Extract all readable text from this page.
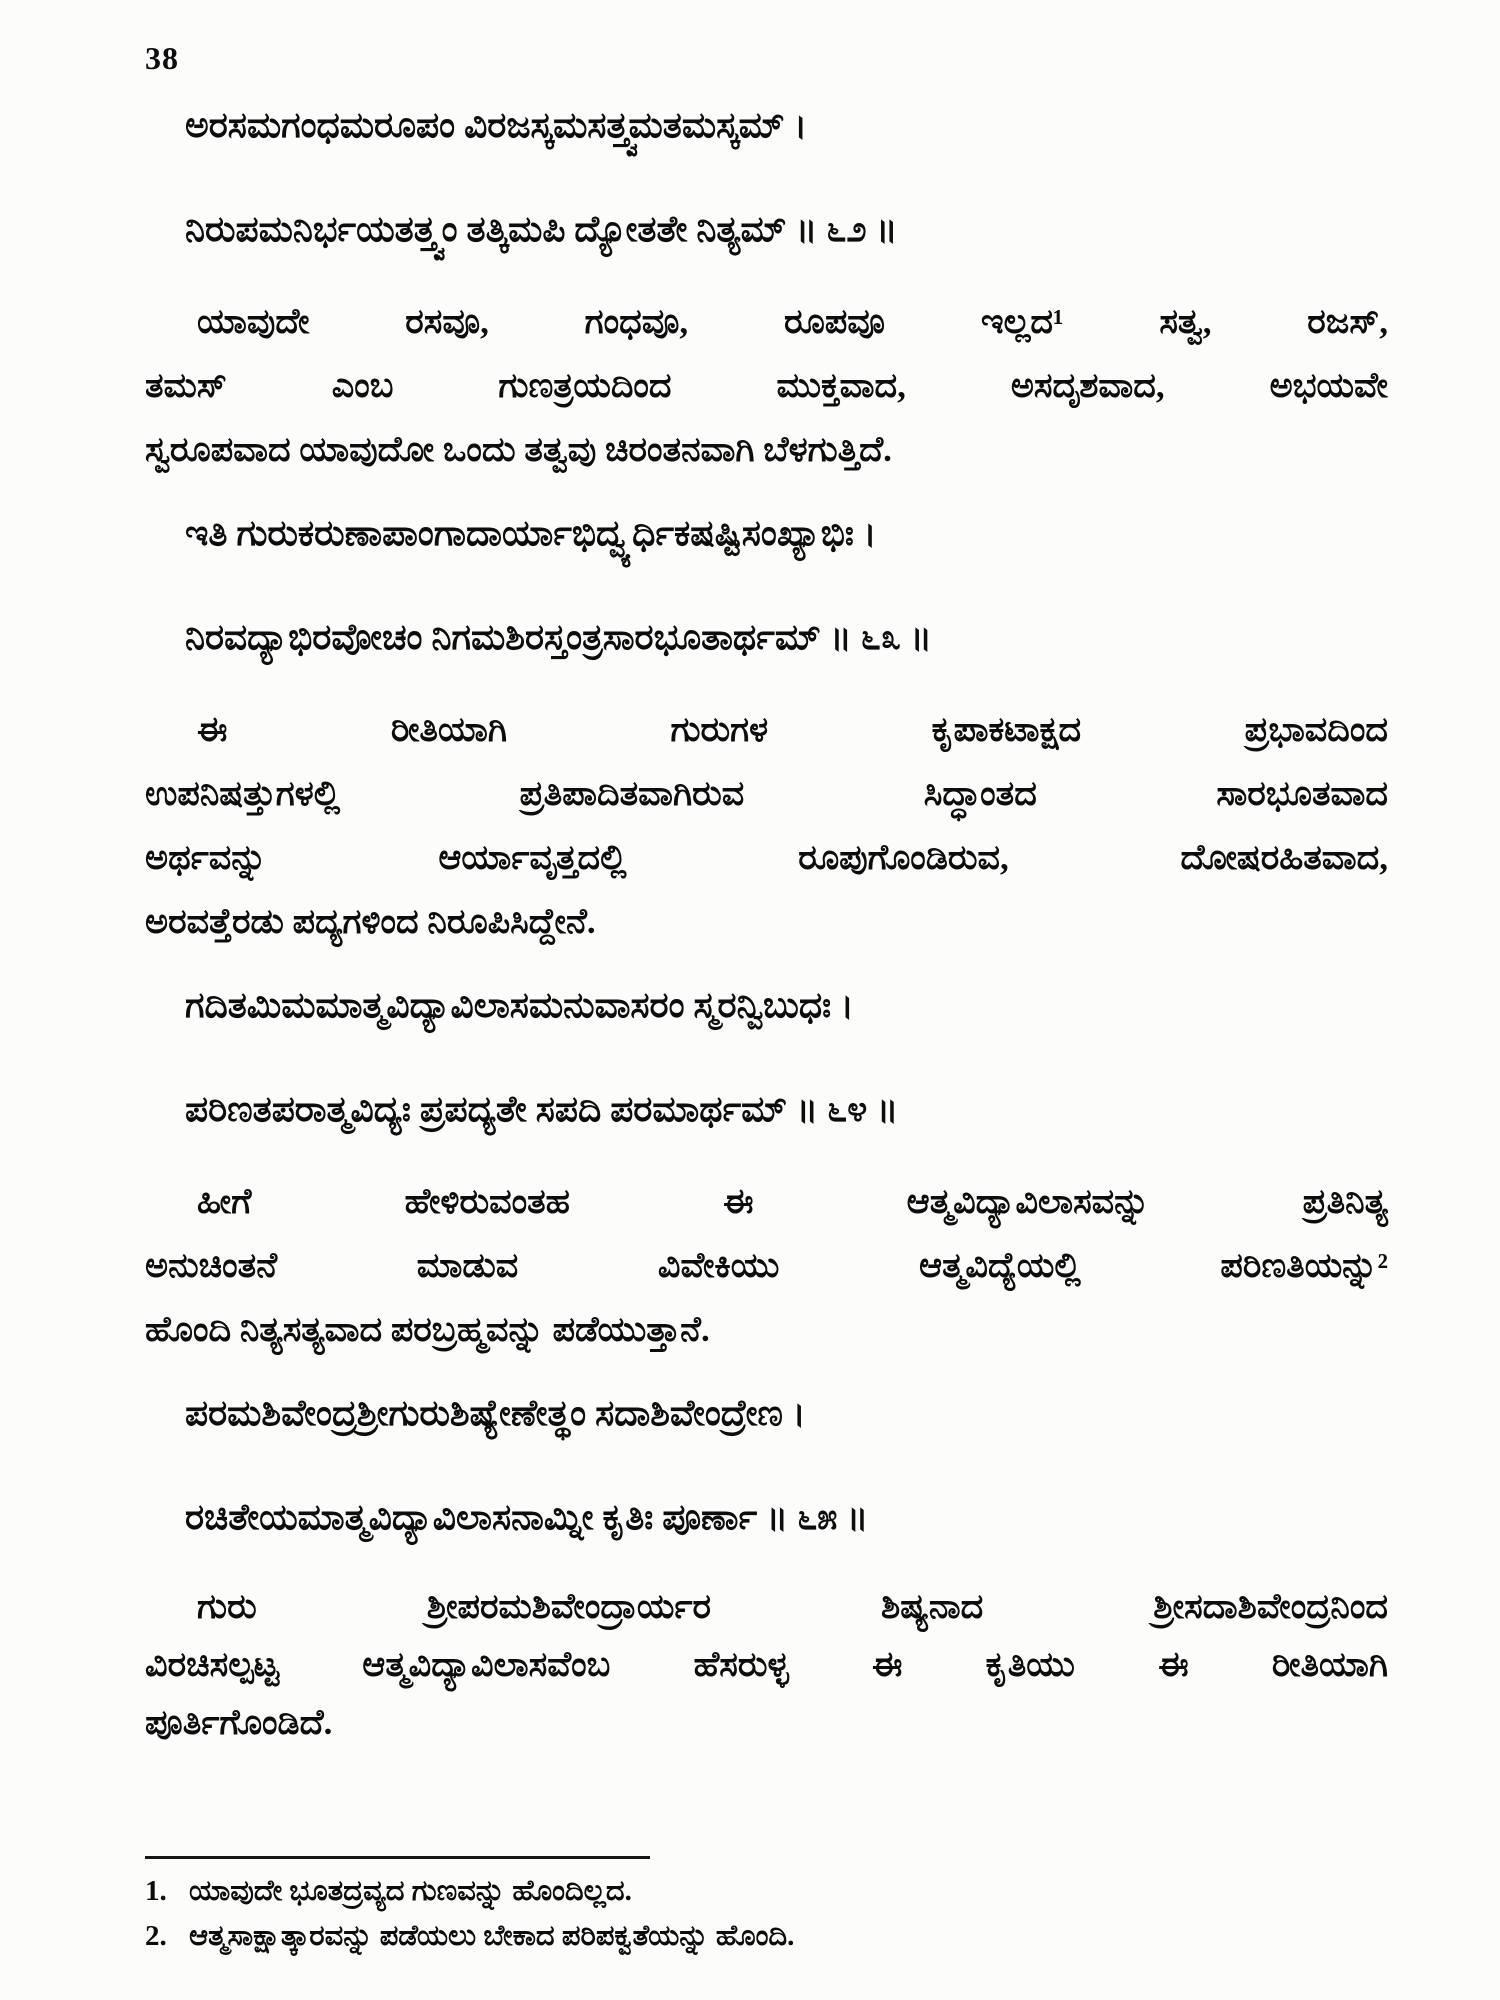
38
ಅರಸಮಗಂಧಮರೂಪಂ ವಿರಜಸ್ಕಮಸತ್ತ್ವಮತಮಸ್ಕಮ್ ।
ನಿರುಪಮನಿರ್ಭಯತತ್ತ್ವಂ ತತ್ಕಿಮಪಿ ದ್ಯೋತತೇ ನಿತ್ಯಮ್ ॥ ೬೨ ॥
ಯಾವುದೇ ರಸವೂ, ಗಂಧವೂ, ರೂಪವೂ ಇಲ್ಲದ¹ ಸತ್ವ, ರಜಸ್,
ತಮಸ್ ಎಂಬ ಗುಣತ್ರಯದಿಂದ ಮುಕ್ತವಾದ, ಅಸದೃಶವಾದ, ಅಭಯವೇ
ಸ್ವರೂಪವಾದ ಯಾವುದೋ ಒಂದು ತತ್ವವು ಚಿರಂತನವಾಗಿ ಬೆಳಗುತ್ತಿದೆ.
ಇತಿ ಗುರುಕರುಣಾಪಾಂಗಾದಾರ್ಯಾಭಿದ್ವ್ಯರ್ಧಿಕಷಷ್ಟಿಸಂಖ್ಯಾಭಿಃ ।
ನಿರವದ್ಯಾಭಿರವೋಚಂ ನಿಗಮಶಿರಸ್ತಂತ್ರಸಾರಭೂತಾರ್ಥಮ್ ॥ ೬೩ ॥
ಈ ರೀತಿಯಾಗಿ ಗುರುಗಳ ಕೃಪಾಕಟಾಕ್ಷದ ಪ್ರಭಾವದಿಂದ
ಉಪನಿಷತ್ತುಗಳಲ್ಲಿ ಪ್ರತಿಪಾದಿತವಾಗಿರುವ ಸಿದ್ಧಾಂತದ ಸಾರಭೂತವಾದ
ಅರ್ಥವನ್ನು ಆರ್ಯಾವೃತ್ತದಲ್ಲಿ ರೂಪುಗೊಂಡಿರುವ, ದೋಷರಹಿತವಾದ,
ಅರವತ್ತೆರಡು ಪದ್ಯಗಳಿಂದ ನಿರೂಪಿಸಿದ್ದೇನೆ.
ಗದಿತಮಿಮಮಾತ್ಮವಿದ್ಯಾವಿಲಾಸಮನುವಾಸರಂ ಸ್ಮರನ್ವಿಬುಧಃ ।
ಪರಿಣತಪರಾತ್ಮವಿದ್ಯಃ ಪ್ರಪದ್ಯತೇ ಸಪದಿ ಪರಮಾರ್ಥಮ್ ॥ ೬೪ ॥
ಹೀಗೆ ಹೇಳಿರುವಂತಹ ಈ ಆತ್ಮವಿದ್ಯಾವಿಲಾಸವನ್ನು ಪ್ರತಿನಿತ್ಯ
ಅನುಚಿಂತನೆ ಮಾಡುವ ವಿವೇಕಿಯು ಆತ್ಮವಿದ್ಯೆಯಲ್ಲಿ ಪರಿಣತಿಯನ್ನು²
ಹೊಂದಿ ನಿತ್ಯಸತ್ಯವಾದ ಪರಬ್ರಹ್ಮವನ್ನು ಪಡೆಯುತ್ತಾನೆ.
ಪರಮಶಿವೇಂದ್ರಶ್ರೀಗುರುಶಿಷ್ಯೇಣೇತ್ಥಂ ಸದಾಶಿವೇಂದ್ರೇಣ ।
ರಚಿತೇಯಮಾತ್ಮವಿದ್ಯಾವಿಲಾಸನಾಮ್ನೀ ಕೃತಿಃ ಪೂರ್ಣಾ ॥ ೬೫ ॥
ಗುರು ಶ್ರೀಪರಮಶಿವೇಂದ್ರಾರ್ಯರ ಶಿಷ್ಯನಾದ ಶ್ರೀಸದಾಶಿವೇಂದ್ರನಿಂದ
ವಿರಚಿಸಲ್ಪಟ್ಟ ಆತ್ಮವಿದ್ಯಾವಿಲಾಸವೆಂಬ ಹೆಸರುಳ್ಳ ಈ ಕೃತಿಯು ಈ ರೀತಿಯಾಗಿ
ಪೂರ್ತಿಗೊಂಡಿದೆ.
1. ಯಾವುದೇ ಭೂತದ್ರವ್ಯದ ಗುಣವನ್ನು ಹೊಂದಿಲ್ಲದ.
2. ಆತ್ಮಸಾಕ್ಷಾತ್ಕಾರವನ್ನು ಪಡೆಯಲು ಬೇಕಾದ ಪರಿಪಕ್ವತೆಯನ್ನು ಹೊಂದಿ.
